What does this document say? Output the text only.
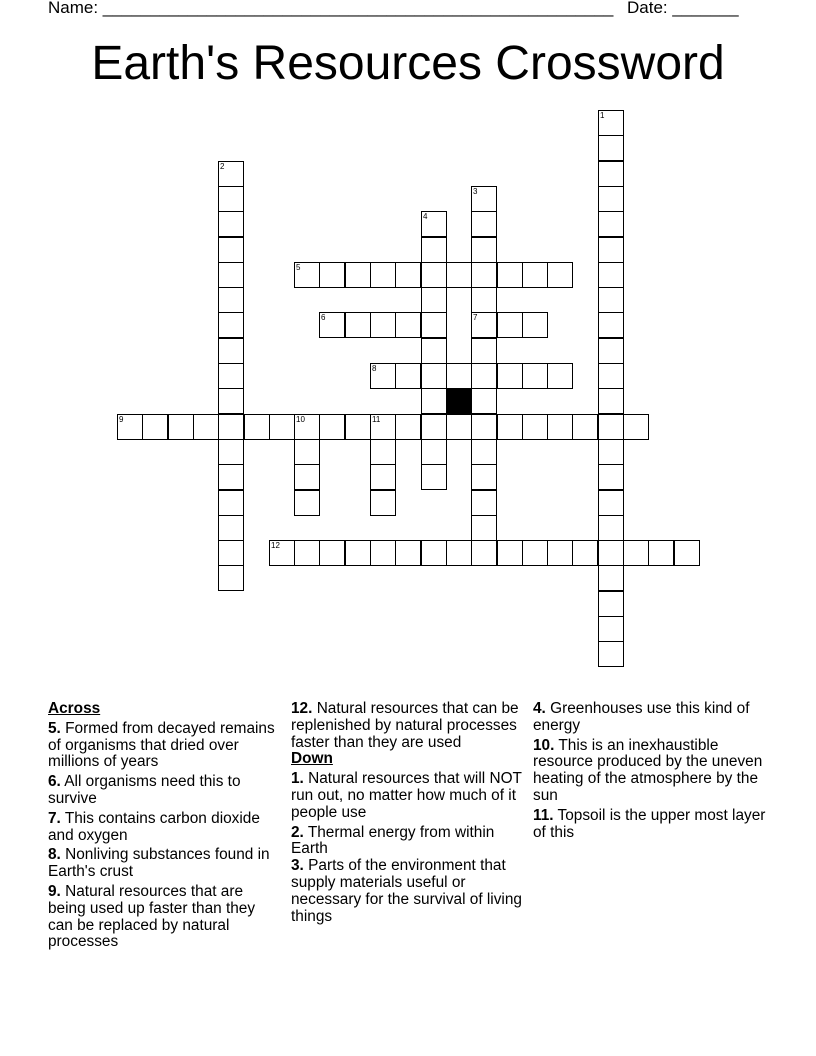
Name: ______________________________________________________ Date: _______
Earth's Resources Crossword
1
2
3
7
4
5
6
8
9	10	11
12
Across
5. Formed from decayed remains of organisms that dried over millions of years
6. All organisms need this to survive
7. This contains carbon dioxide and oxygen
8. Nonliving substances found in Earth's crust
9. Natural resources that are being used up faster than they can be replaced by natural processes
12. Natural resources that can be replenished by natural processes faster than they are used
Down
1. Natural resources that will NOT run out, no matter how much of it people use
2. Thermal energy from within Earth
3. Parts of the environment that supply materials useful or necessary for the survival of living things
4. Greenhouses use this kind of energy
10. This is an inexhaustible resource produced by the uneven heating of the atmosphere by the sun
11. Topsoil is the upper most layer of this
